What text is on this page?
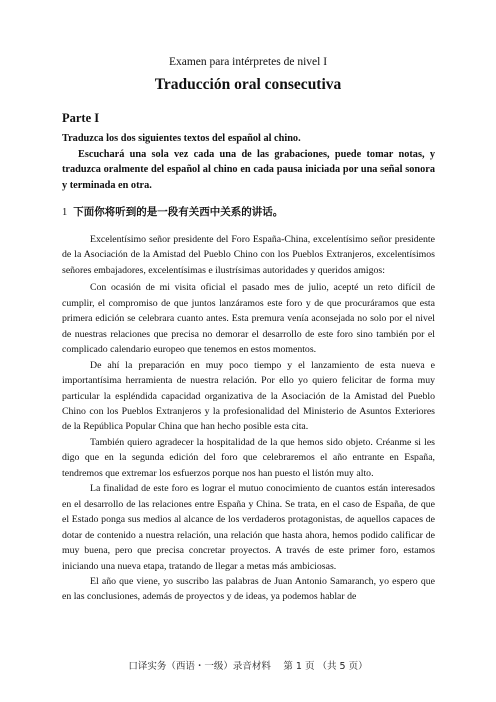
Examen para intérpretes de nivel I
Traducción oral consecutiva
Parte I

Traduzca los dos siguientes textos del español al chino.

Escuchará una sola vez cada una de las grabaciones, puede tomar notas, y traduzca oralmente del español al chino en cada pausa iniciada por una señal sonora y terminada en otra.

1 下面你将听到的是一段有关西中关系的讲话。

Excelentísimo señor presidente del Foro España-China, excelentísimo señor presidente de la Asociación de la Amistad del Pueblo Chino con los Pueblos Extranjeros, excelentísimos señores embajadores, excelentísimas e ilustrísimas autoridades y queridos amigos:

Con ocasión de mi visita oficial el pasado mes de julio, acepté un reto difícil de cumplir, el compromiso de que juntos lanzáramos este foro y de que procuráramos que esta primera edición se celebrara cuanto antes. Esta premura venía aconsejada no solo por el nivel de nuestras relaciones que precisa no demorar el desarrollo de este foro sino también por el complicado calendario europeo que tenemos en estos momentos.

De ahí la preparación en muy poco tiempo y el lanzamiento de esta nueva e importantísima herramienta de nuestra relación. Por ello yo quiero felicitar de forma muy particular la espléndida capacidad organizativa de la Asociación de la Amistad del Pueblo Chino con los Pueblos Extranjeros y la profesionalidad del Ministerio de Asuntos Exteriores de la República Popular China que han hecho posible esta cita.

También quiero agradecer la hospitalidad de la que hemos sido objeto. Créanme si les digo que en la segunda edición del foro que celebraremos el año entrante en España, tendremos que extremar los esfuerzos porque nos han puesto el listón muy alto.

La finalidad de este foro es lograr el mutuo conocimiento de cuantos están interesados en el desarrollo de las relaciones entre España y China. Se trata, en el caso de España, de que el Estado ponga sus medios al alcance de los verdaderos protagonistas, de aquellos capaces de dotar de contenido a nuestra relación, una relación que hasta ahora, hemos podido calificar de muy buena, pero que precisa concretar proyectos. A través de este primer foro, estamos iniciando una nueva etapa, tratando de llegar a metas más ambiciosas.

El año que viene, yo suscribo las palabras de Juan Antonio Samaranch, yo espero que en las conclusiones, además de proyectos y de ideas, ya podemos hablar de

口译实务（西语・一级）录音材料　 第 1 页 （共 5 页）
